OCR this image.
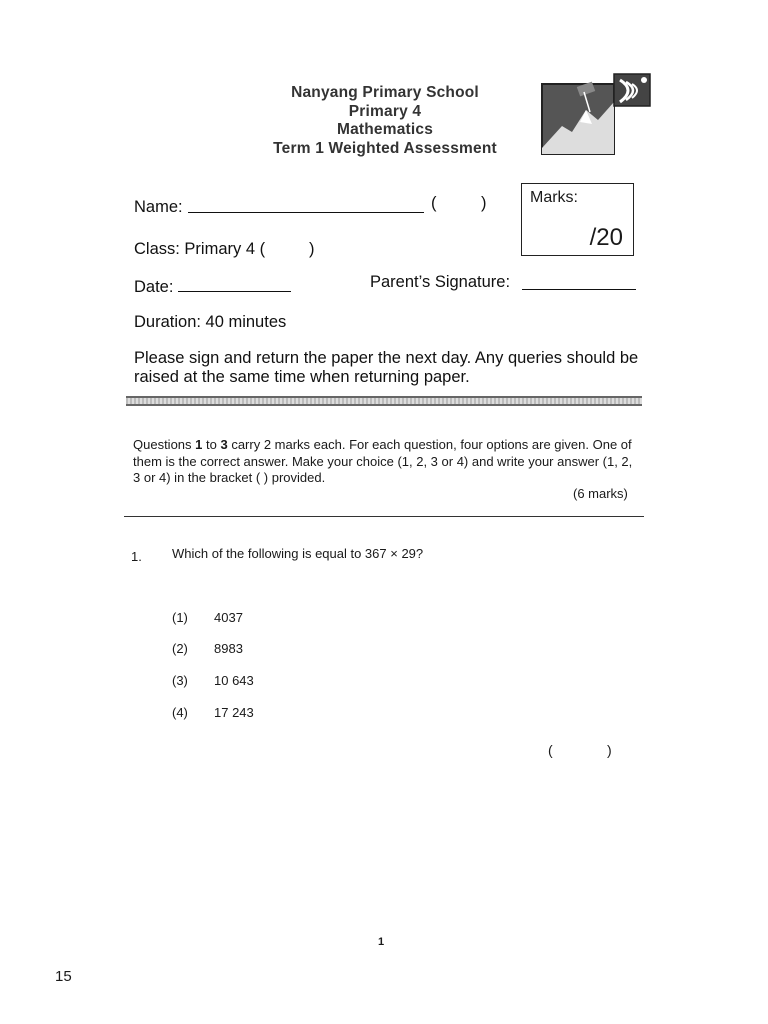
Nanyang Primary School
Primary 4
Mathematics
Term 1 Weighted Assessment
Name:	(	)	Marks:
/20
Class: Primary 4 (	)
Date:	Parent’s Signature:
Duration: 40 minutes
Please sign and return the paper the next day. Any queries should be raised at the same time when returning paper.
Questions 1 to 3 carry 2 marks each. For each question, four options are given. One of them is the correct answer. Make your choice (1, 2, 3 or 4) and write your answer (1, 2, 3 or 4) in the bracket ( ) provided.
(6 marks)
1. Which of the following is equal to 367 × 29?
(1) 4037
(2) 8983
(3) 10 643
(4) 17 243
(	)
1
15
